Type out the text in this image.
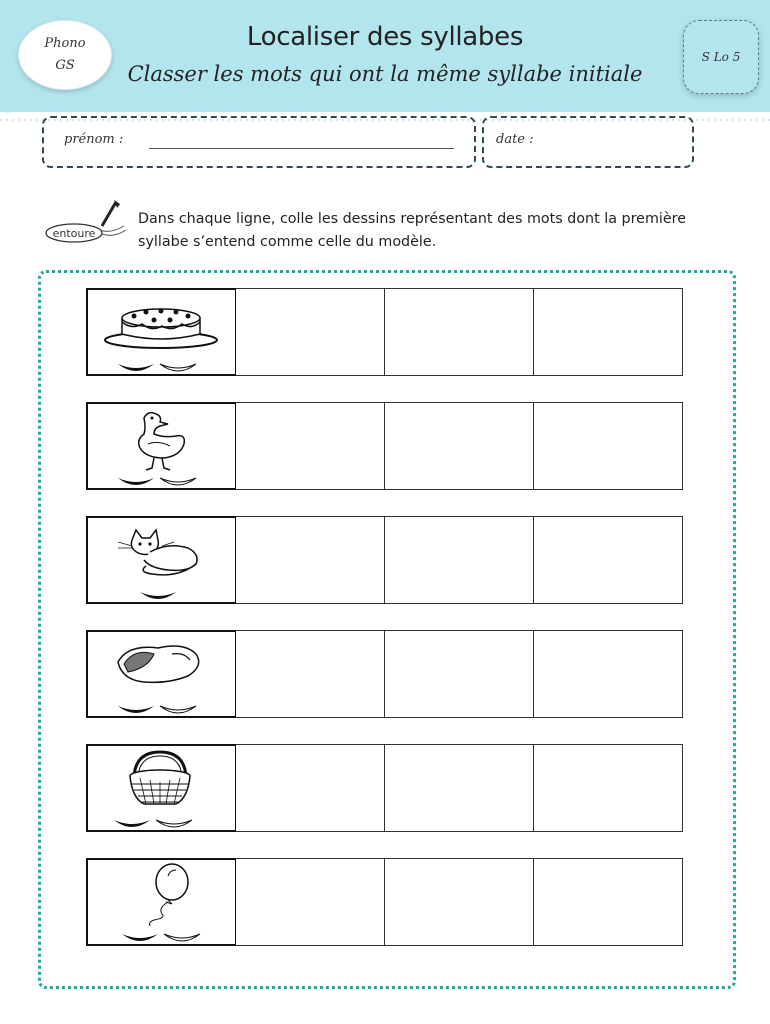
Phono
GS
Localiser des syllabes
Classer les mots qui ont la même syllabe initiale
S Lo 5
prénom :	date :
entoure
Dans chaque ligne, colle les dessins représentant des mots dont la première syllabe s’entend comme celle du modèle.
